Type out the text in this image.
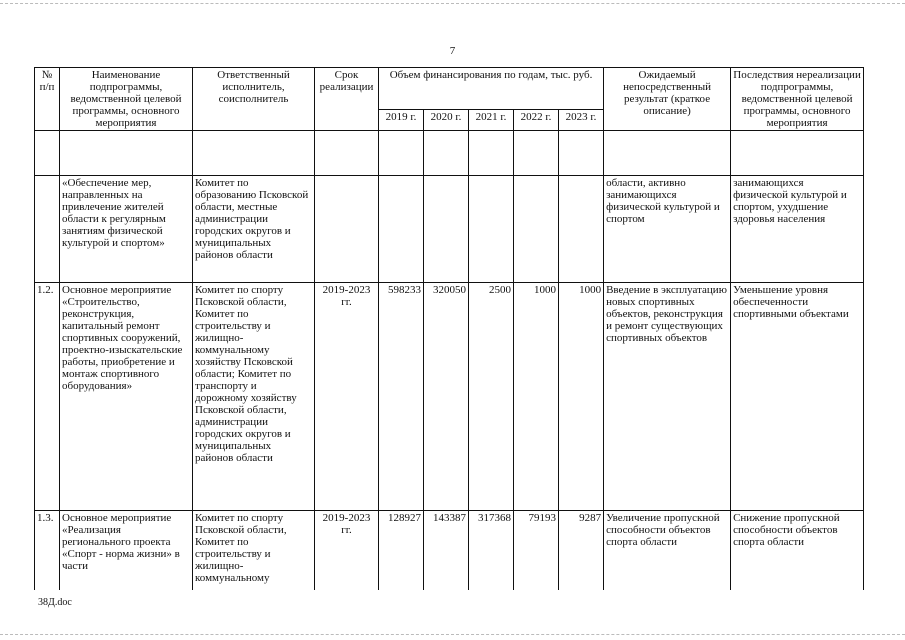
7
№ п/п	Наименование подпрограммы, ведомственной целевой программы, основного мероприятия	Ответственный исполнитель, соисполнитель	Срок реализации	Объем финансирования по годам, тыс. руб.					Ожидаемый непосредственный результат (краткое описание)	Последствия нереализации подпрограммы, ведомственной целевой программы, основного мероприятия
				2019 г.	2020 г.	2021 г.	2022 г.	2023 г.		

	«Обеспечение мер, направленных на привлечение жителей области к регулярным занятиям физической культурой и спортом»	Комитет по образованию Псковской области, местные администрации городских округов и муниципальных районов области							области, активно занимающихся физической культурой и спортом	занимающихся физической культурой и спортом, ухудшение здоровья населения
1.2.	Основное мероприятие «Строительство, реконструкция, капитальный ремонт спортивных сооружений, проектно-изыскательские работы, приобретение и монтаж спортивного оборудования»	Комитет по спорту Псковской области, Комитет по строительству и жилищно-коммунальному хозяйству Псковской области; Комитет по транспорту и дорожному хозяйству Псковской области, администрации городских округов и муниципальных районов области	2019-2023 гг.	598233	320050	2500	1000	1000	Введение в эксплуатацию новых спортивных объектов, реконструкция и ремонт существующих спортивных объектов	Уменьшение уровня обеспеченности спортивными объектами
1.3.	Основное мероприятие «Реализация регионального проекта «Спорт - норма жизни» в части	Комитет по спорту Псковской области, Комитет по строительству и жилищно-коммунальному	2019-2023 гг.	128927	143387	317368	79193	9287	Увеличение пропускной способности объектов спорта области	Снижение пропускной способности объектов спорта области
38Д.doc
